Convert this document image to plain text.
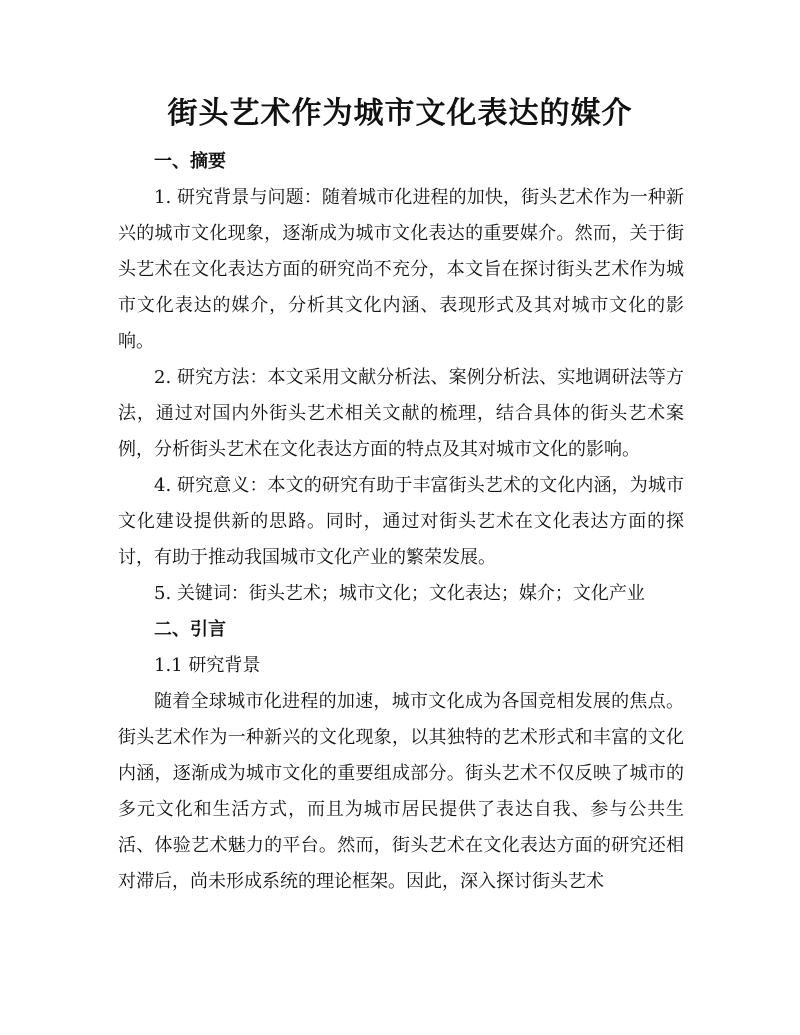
街头艺术作为城市文化表达的媒介

一、摘要

1. 研究背景与问题：随着城市化进程的加快，街头艺术作为一种新兴的城市文化现象，逐渐成为城市文化表达的重要媒介。然而，关于街头艺术在文化表达方面的研究尚不充分，本文旨在探讨街头艺术作为城市文化表达的媒介，分析其文化内涵、表现形式及其对城市文化的影响。

2. 研究方法：本文采用文献分析法、案例分析法、实地调研法等方法，通过对国内外街头艺术相关文献的梳理，结合具体的街头艺术案例，分析街头艺术在文化表达方面的特点及其对城市文化的影响。

4. 研究意义：本文的研究有助于丰富街头艺术的文化内涵，为城市文化建设提供新的思路。同时，通过对街头艺术在文化表达方面的探讨，有助于推动我国城市文化产业的繁荣发展。

5. 关键词：街头艺术；城市文化；文化表达；媒介；文化产业

二、引言

1.1 研究背景

随着全球城市化进程的加速，城市文化成为各国竞相发展的焦点。街头艺术作为一种新兴的文化现象，以其独特的艺术形式和丰富的文化内涵，逐渐成为城市文化的重要组成部分。街头艺术不仅反映了城市的多元文化和生活方式，而且为城市居民提供了表达自我、参与公共生活、体验艺术魅力的平台。然而，街头艺术在文化表达方面的研究还相对滞后，尚未形成系统的理论框架。因此，深入探讨街头艺术
